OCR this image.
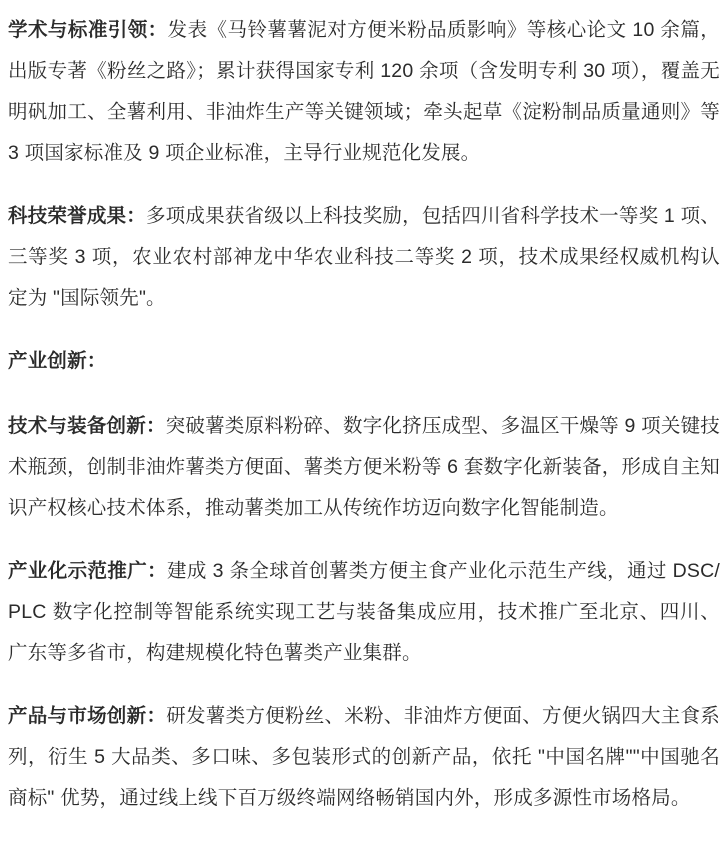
学术与标准引领：发表《马铃薯薯泥对方便米粉品质影响》等核心论文 10 余篇，出版专著《粉丝之路》；累计获得国家专利 120 余项（含发明专利 30 项），覆盖无明矾加工、全薯利用、非油炸生产等关键领域；牵头起草《淀粉制品质量通则》等 3 项国家标准及 9 项企业标准，主导行业规范化发展。

科技荣誉成果：多项成果获省级以上科技奖励，包括四川省科学技术一等奖 1 项、三等奖 3 项，农业农村部神龙中华农业科技二等奖 2 项，技术成果经权威机构认定为 "国际领先"。

产业创新：

技术与装备创新：突破薯类原料粉碎、数字化挤压成型、多温区干燥等 9 项关键技术瓶颈，创制非油炸薯类方便面、薯类方便米粉等 6 套数字化新装备，形成自主知识产权核心技术体系，推动薯类加工从传统作坊迈向数字化智能制造。

产业化示范推广：建成 3 条全球首创薯类方便主食产业化示范生产线，通过 DSC/PLC 数字化控制等智能系统实现工艺与装备集成应用，技术推广至北京、四川、广东等多省市，构建规模化特色薯类产业集群。

产品与市场创新：研发薯类方便粉丝、米粉、非油炸方便面、方便火锅四大主食系列，衍生 5 大品类、多口味、多包装形式的创新产品，依托 "中国名牌""中国驰名商标" 优势，通过线上线下百万级终端网络畅销国内外，形成多源性市场格局。
